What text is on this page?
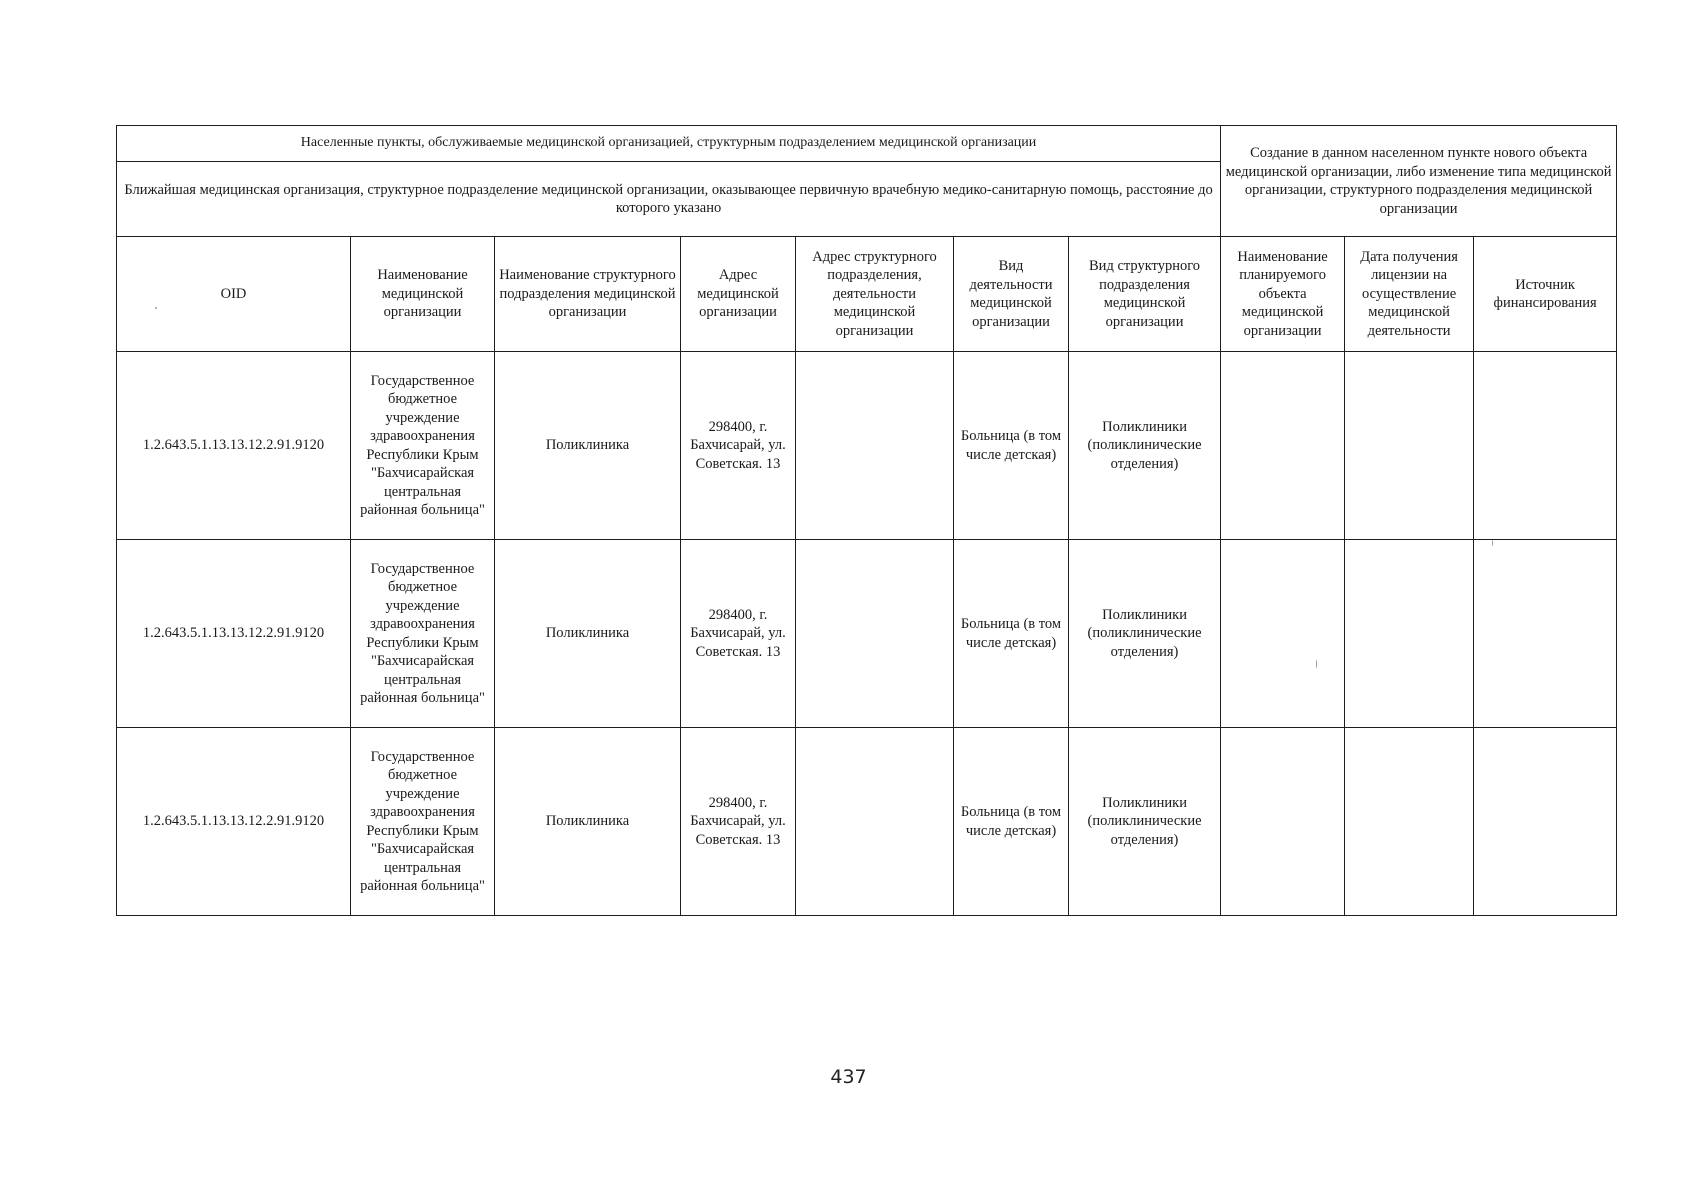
Населенные пункты, обслуживаемые медицинской организацией, структурным подразделением медицинской организации							Создание в данном населенном пункте нового объекта медицинской организации, либо изменение типа медицинской организации, структурного подразделения медицинской организации		
Ближайшая медицинская организация, структурное подразделение медицинской организации, оказывающее первичную врачебную медико-санитарную помощь, расстояние до которого указано									
OID	Наименование медицинской организации	Наименование структурного подразделения медицинской организации	Адрес медицинской организации	Адрес структурного подразделения, деятельности медицинской организации	Вид деятельности медицинской организации	Вид структурного подразделения медицинской организации	Наименование планируемого объекта медицинской организации	Дата получения лицензии на осуществление медицинской деятельности	Источник финансирования
1.2.643.5.1.13.13.12.2.91.9120	Государственное бюджетное учреждение здравоохранения Республики Крым "Бахчисарайская центральная районная больница"	Поликлиника	298400, г. Бахчисарай, ул. Советская. 13		Больница (в том числе детская)	Поликлиники (поликлинические отделения)			
1.2.643.5.1.13.13.12.2.91.9120	Государственное бюджетное учреждение здравоохранения Республики Крым "Бахчисарайская центральная районная больница"	Поликлиника	298400, г. Бахчисарай, ул. Советская. 13		Больница (в том числе детская)	Поликлиники (поликлинические отделения)			
1.2.643.5.1.13.13.12.2.91.9120	Государственное бюджетное учреждение здравоохранения Республики Крым "Бахчисарайская центральная районная больница"	Поликлиника	298400, г. Бахчисарай, ул. Советская. 13		Больница (в том числе детская)	Поликлиники (поликлинические отделения)			
437
